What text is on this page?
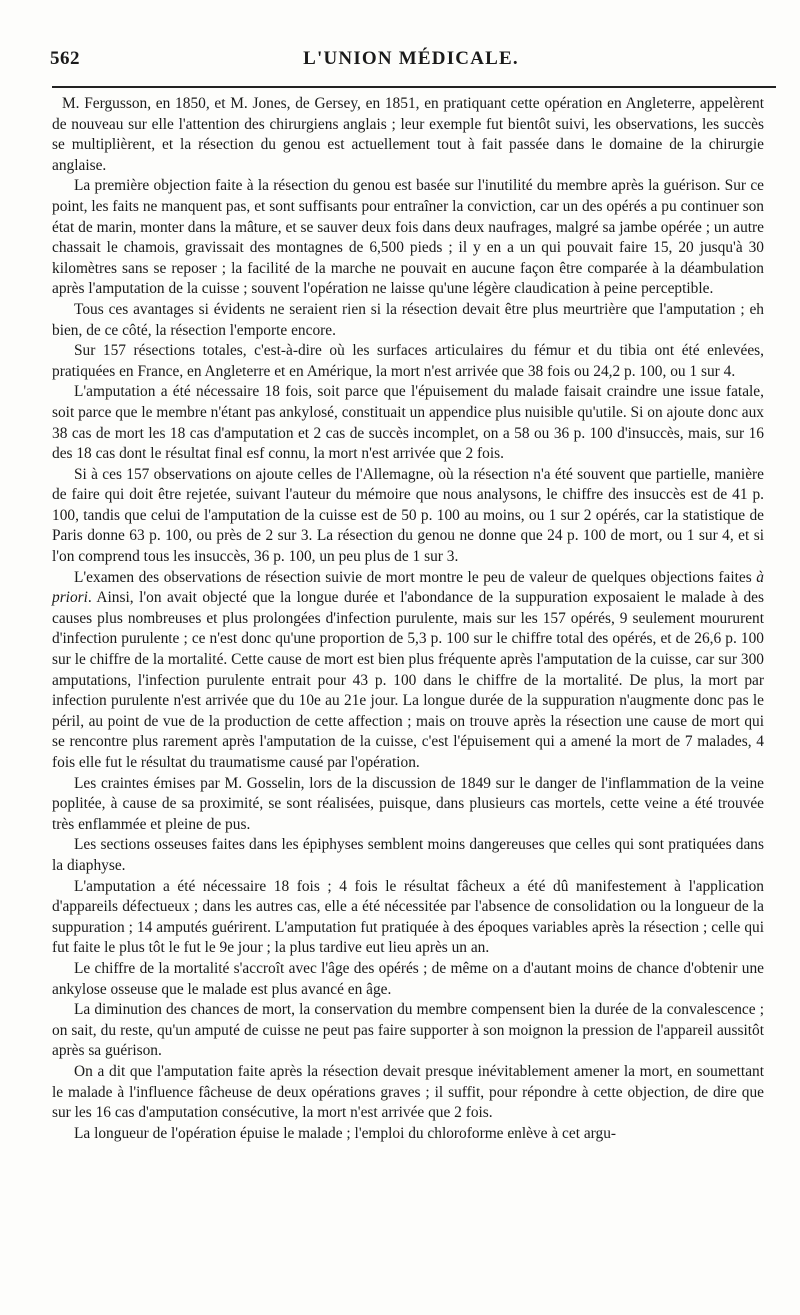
562	L'UNION MÉDICALE.

M. Fergusson, en 1850, et M. Jones, de Gersey, en 1851, en pratiquant cette opération en Angleterre, appelèrent de nouveau sur elle l'attention des chirurgiens anglais ; leur exemple fut bientôt suivi, les observations, les succès se multiplièrent, et la résection du genou est actuellement tout à fait passée dans le domaine de la chirurgie anglaise.

La première objection faite à la résection du genou est basée sur l'inutilité du membre après la guérison. Sur ce point, les faits ne manquent pas, et sont suffisants pour entraîner la conviction, car un des opérés a pu continuer son état de marin, monter dans la mâture, et se sauver deux fois dans deux naufrages, malgré sa jambe opérée ; un autre chassait le chamois, gravissait des montagnes de 6,500 pieds ; il y en a un qui pouvait faire 15, 20 jusqu'à 30 kilomètres sans se reposer ; la facilité de la marche ne pouvait en aucune façon être comparée à la déambulation après l'amputation de la cuisse ; souvent l'opération ne laisse qu'une légère claudication à peine perceptible.

Tous ces avantages si évidents ne seraient rien si la résection devait être plus meurtrière que l'amputation ; eh bien, de ce côté, la résection l'emporte encore.

Sur 157 résections totales, c'est-à-dire où les surfaces articulaires du fémur et du tibia ont été enlevées, pratiquées en France, en Angleterre et en Amérique, la mort n'est arrivée que 38 fois ou 24,2 p. 100, ou 1 sur 4.

L'amputation a été nécessaire 18 fois, soit parce que l'épuisement du malade faisait craindre une issue fatale, soit parce que le membre n'étant pas ankylosé, constituait un appendice plus nuisible qu'utile. Si on ajoute donc aux 38 cas de mort les 18 cas d'amputation et 2 cas de succès incomplet, on a 58 ou 36 p. 100 d'insuccès, mais, sur 16 des 18 cas dont le résultat final esf connu, la mort n'est arrivée que 2 fois.

Si à ces 157 observations on ajoute celles de l'Allemagne, où la résection n'a été souvent que partielle, manière de faire qui doit être rejetée, suivant l'auteur du mémoire que nous analysons, le chiffre des insuccès est de 41 p. 100, tandis que celui de l'amputation de la cuisse est de 50 p. 100 au moins, ou 1 sur 2 opérés, car la statistique de Paris donne 63 p. 100, ou près de 2 sur 3. La résection du genou ne donne que 24 p. 100 de mort, ou 1 sur 4, et si l'on comprend tous les insuccès, 36 p. 100, un peu plus de 1 sur 3.

L'examen des observations de résection suivie de mort montre le peu de valeur de quelques objections faites à priori. Ainsi, l'on avait objecté que la longue durée et l'abondance de la suppuration exposaient le malade à des causes plus nombreuses et plus prolongées d'infection purulente, mais sur les 157 opérés, 9 seulement moururent d'infection purulente ; ce n'est donc qu'une proportion de 5,3 p. 100 sur le chiffre total des opérés, et de 26,6 p. 100 sur le chiffre de la mortalité. Cette cause de mort est bien plus fréquente après l'amputation de la cuisse, car sur 300 amputations, l'infection purulente entrait pour 43 p. 100 dans le chiffre de la mortalité. De plus, la mort par infection purulente n'est arrivée que du 10e au 21e jour. La longue durée de la suppuration n'augmente donc pas le péril, au point de vue de la production de cette affection ; mais on trouve après la résection une cause de mort qui se rencontre plus rarement après l'amputation de la cuisse, c'est l'épuisement qui a amené la mort de 7 malades, 4 fois elle fut le résultat du traumatisme causé par l'opération.

Les craintes émises par M. Gosselin, lors de la discussion de 1849 sur le danger de l'inflammation de la veine poplitée, à cause de sa proximité, se sont réalisées, puisque, dans plusieurs cas mortels, cette veine a été trouvée très enflammée et pleine de pus.

Les sections osseuses faites dans les épiphyses semblent moins dangereuses que celles qui sont pratiquées dans la diaphyse.

L'amputation a été nécessaire 18 fois ; 4 fois le résultat fâcheux a été dû manifestement à l'application d'appareils défectueux ; dans les autres cas, elle a été nécessitée par l'absence de consolidation ou la longueur de la suppuration ; 14 amputés guérirent. L'amputation fut pratiquée à des époques variables après la résection ; celle qui fut faite le plus tôt le fut le 9e jour ; la plus tardive eut lieu après un an.

Le chiffre de la mortalité s'accroît avec l'âge des opérés ; de même on a d'autant moins de chance d'obtenir une ankylose osseuse que le malade est plus avancé en âge.

La diminution des chances de mort, la conservation du membre compensent bien la durée de la convalescence ; on sait, du reste, qu'un amputé de cuisse ne peut pas faire supporter à son moignon la pression de l'appareil aussitôt après sa guérison.

On a dit que l'amputation faite après la résection devait presque inévitablement amener la mort, en soumettant le malade à l'influence fâcheuse de deux opérations graves ; il suffit, pour répondre à cette objection, de dire que sur les 16 cas d'amputation consécutive, la mort n'est arrivée que 2 fois.

La longueur de l'opération épuise le malade ; l'emploi du chloroforme enlève à cet argu-
